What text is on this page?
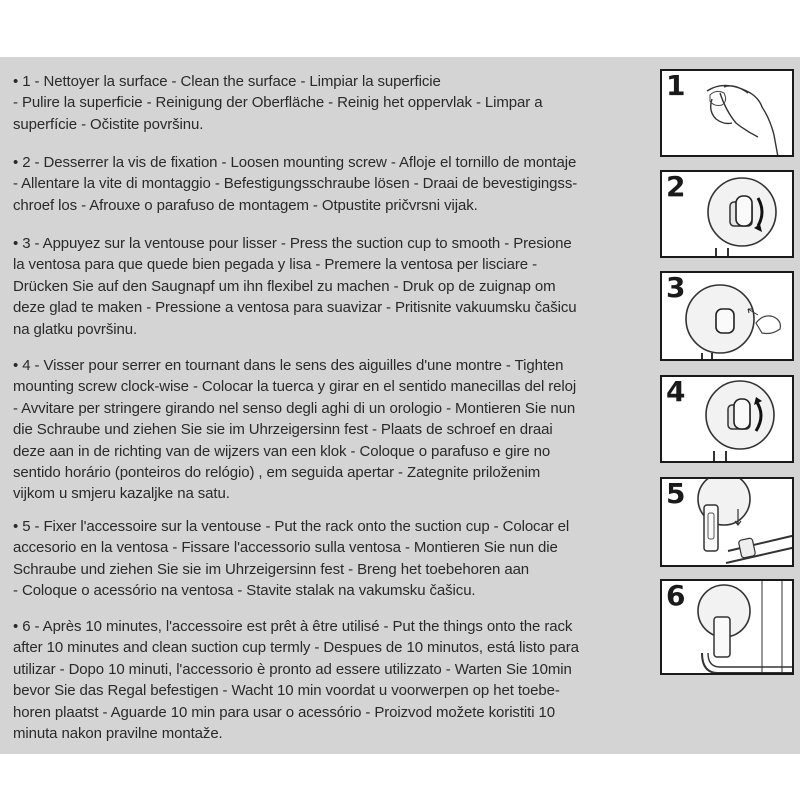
• 1 - Nettoyer la surface - Clean the surface - Limpiar la superficie
- Pulire la superficie - Reinigung der Oberfläche - Reinig het oppervlak - Limpar a
superfície - Očistite površinu.
• 2 - Desserrer la vis de fixation - Loosen mounting screw - Afloje el tornillo de montaje
- Allentare la vite di montaggio - Befestigungsschraube lösen - Draai de bevestigingss-
chroef los - Afrouxe o parafuso de montagem - Otpustite pričvrsni vijak.
• 3 - Appuyez sur la ventouse pour lisser - Press the suction cup to smooth - Presione
la ventosa para que quede bien pegada y lisa - Premere la ventosa per lisciare -
Drücken Sie auf den Saugnapf um ihn flexibel zu machen - Druk op de zuignap om
deze glad te maken - Pressione a ventosa para suavizar - Pritisnite vakuumsku čašicu
na glatku površinu.
• 4 - Visser pour serrer en tournant dans le sens des aiguilles d'une montre - Tighten
mounting screw clock-wise - Colocar la tuerca y girar en el sentido manecillas del reloj
- Avvitare per stringere girando nel senso degli aghi di un orologio - Montieren Sie nun
die Schraube und ziehen Sie sie im Uhrzeigersinn fest - Plaats de schroef en draai
deze aan in de richting van de wijzers van een klok - Coloque o parafuso e gire no
sentido horário (ponteiros do relógio) , em seguida apertar - Zategnite priloženim
vijkom u smjeru kazaljke na satu.
• 5 - Fixer l'accessoire sur la ventouse - Put the rack onto the suction cup - Colocar el
accesorio en la ventosa - Fissare l'accessorio sulla ventosa - Montieren Sie nun die
Schraube und ziehen Sie sie im Uhrzeigersinn fest - Breng het toebehoren aan
- Coloque o acessório na ventosa - Stavite stalak na vakumsku čašicu.
• 6 - Après 10 minutes, l'accessoire est prêt à être utilisé - Put the things onto the rack
after 10 minutes and clean suction cup termly - Despues de 10 minutos, está listo para
utilizar - Dopo 10 minuti, l'accessorio è pronto ad essere utilizzato - Warten Sie 10min
bevor Sie das Regal befestigen - Wacht 10 min voordat u voorwerpen op het toebe-
horen plaatst - Aguarde 10 min para usar o acessório - Proizvod možete koristiti 10
minuta nakon pravilne montaže.
1
2
3
4
5
6
